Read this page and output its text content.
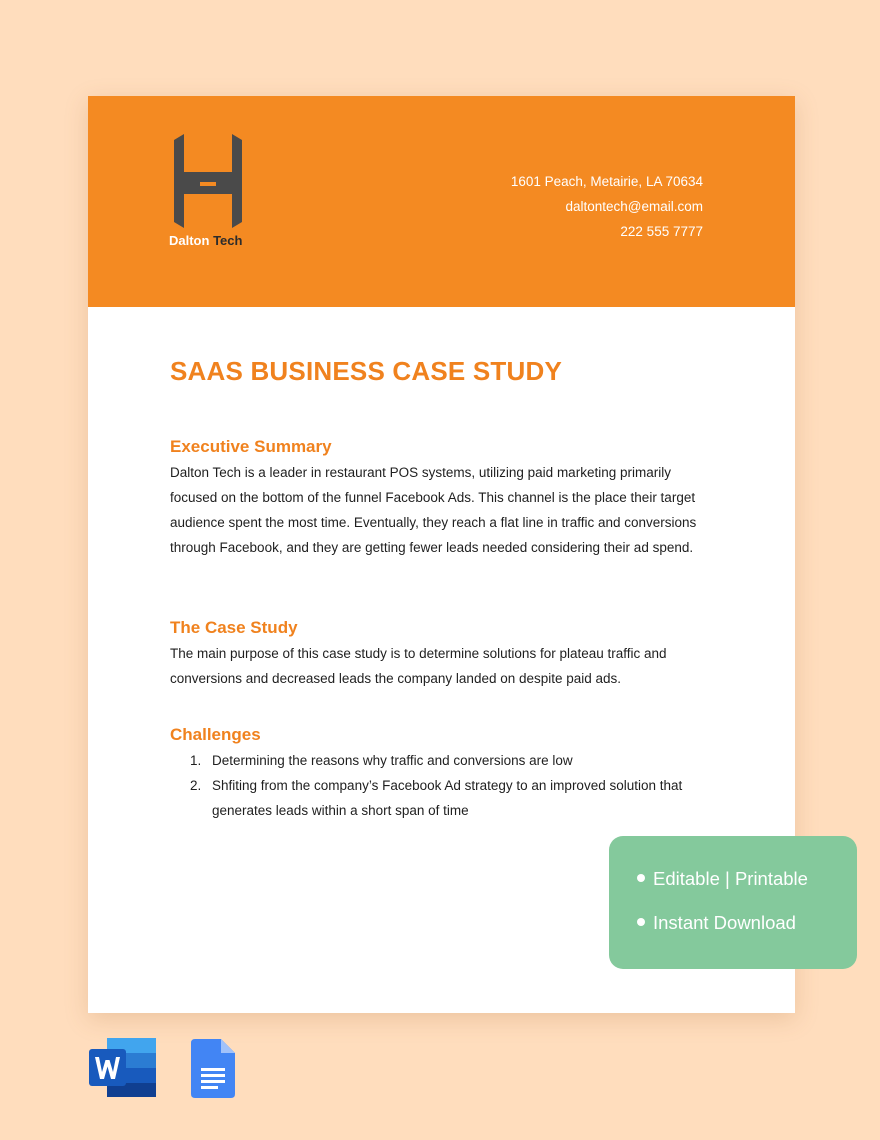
Dalton Tech
1601 Peach, Metairie, LA 70634
daltontech@email.com
222 555 7777
SAAS BUSINESS CASE STUDY
Executive Summary
Dalton Tech is a leader in restaurant POS systems, utilizing paid marketing primarily focused on the bottom of the funnel Facebook Ads. This channel is the place their target audience spent the most time. Eventually, they reach a flat line in traffic and conversions through Facebook, and they are getting fewer leads needed considering their ad spend.
The Case Study
The main purpose of this case study is to determine solutions for plateau traffic and conversions and decreased leads the company landed on despite paid ads.
Challenges
1. Determining the reasons why traffic and conversions are low
2. Shfiting from the company’s Facebook Ad strategy to an improved solution that generates leads within a short span of time
Editable | Printable
Instant Download
